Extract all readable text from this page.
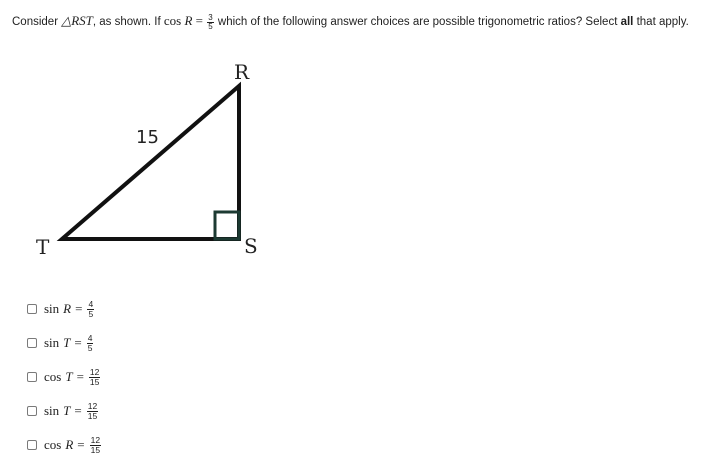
Consider △RST, as shown. If $\cos R = \frac{3}{5}$ which of the following answer choices are possible trigonometric ratios? Select all that apply.
R
S
T
15
$\sin R = \frac{4}{5}$
$\sin T = \frac{4}{5}$
$\cos T = \frac{12}{15}$
$\sin T = \frac{12}{15}$
$\cos R = \frac{12}{15}$
